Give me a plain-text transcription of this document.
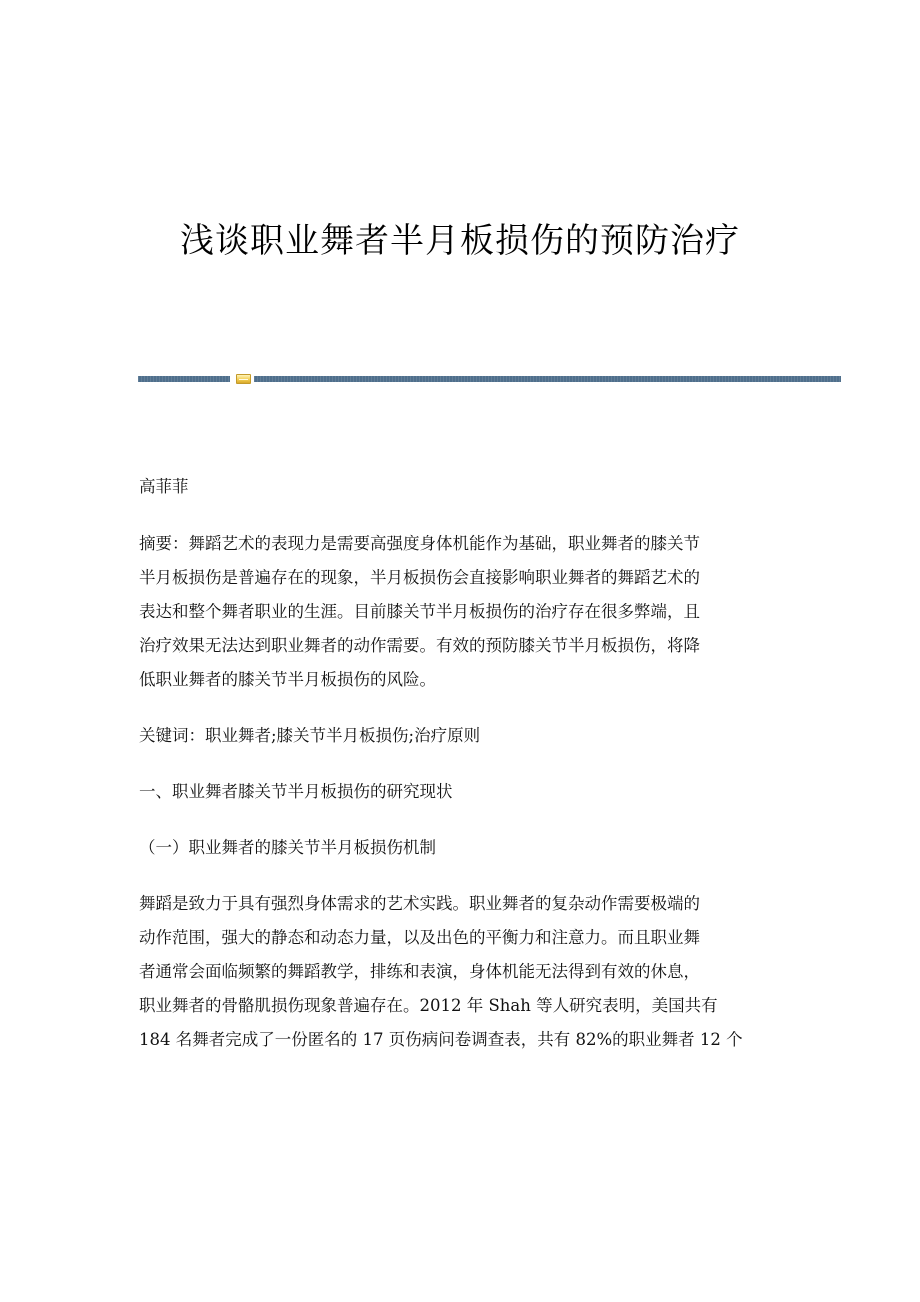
浅谈职业舞者半月板损伤的预防治疗

高菲菲

摘要：舞蹈艺术的表现力是需要高强度身体机能作为基础，职业舞者的膝关节

半月板损伤是普遍存在的现象，半月板损伤会直接影响职业舞者的舞蹈艺术的

表达和整个舞者职业的生涯。目前膝关节半月板损伤的治疗存在很多弊端，且

治疗效果无法达到职业舞者的动作需要。有效的预防膝关节半月板损伤，将降

低职业舞者的膝关节半月板损伤的风险。

关键词：职业舞者;膝关节半月板损伤;治疗原则

一、职业舞者膝关节半月板损伤的研究现状

（一）职业舞者的膝关节半月板损伤机制

舞蹈是致力于具有强烈身体需求的艺术实践。职业舞者的复杂动作需要极端的

动作范围，强大的静态和动态力量，以及出色的平衡力和注意力。而且职业舞

者通常会面临频繁的舞蹈教学，排练和表演，身体机能无法得到有效的休息，

职业舞者的骨骼肌损伤现象普遍存在。2012 年 Shah 等人研究表明，美国共有

184 名舞者完成了一份匿名的 17 页伤病问卷调查表，共有 82%的职业舞者 12 个
